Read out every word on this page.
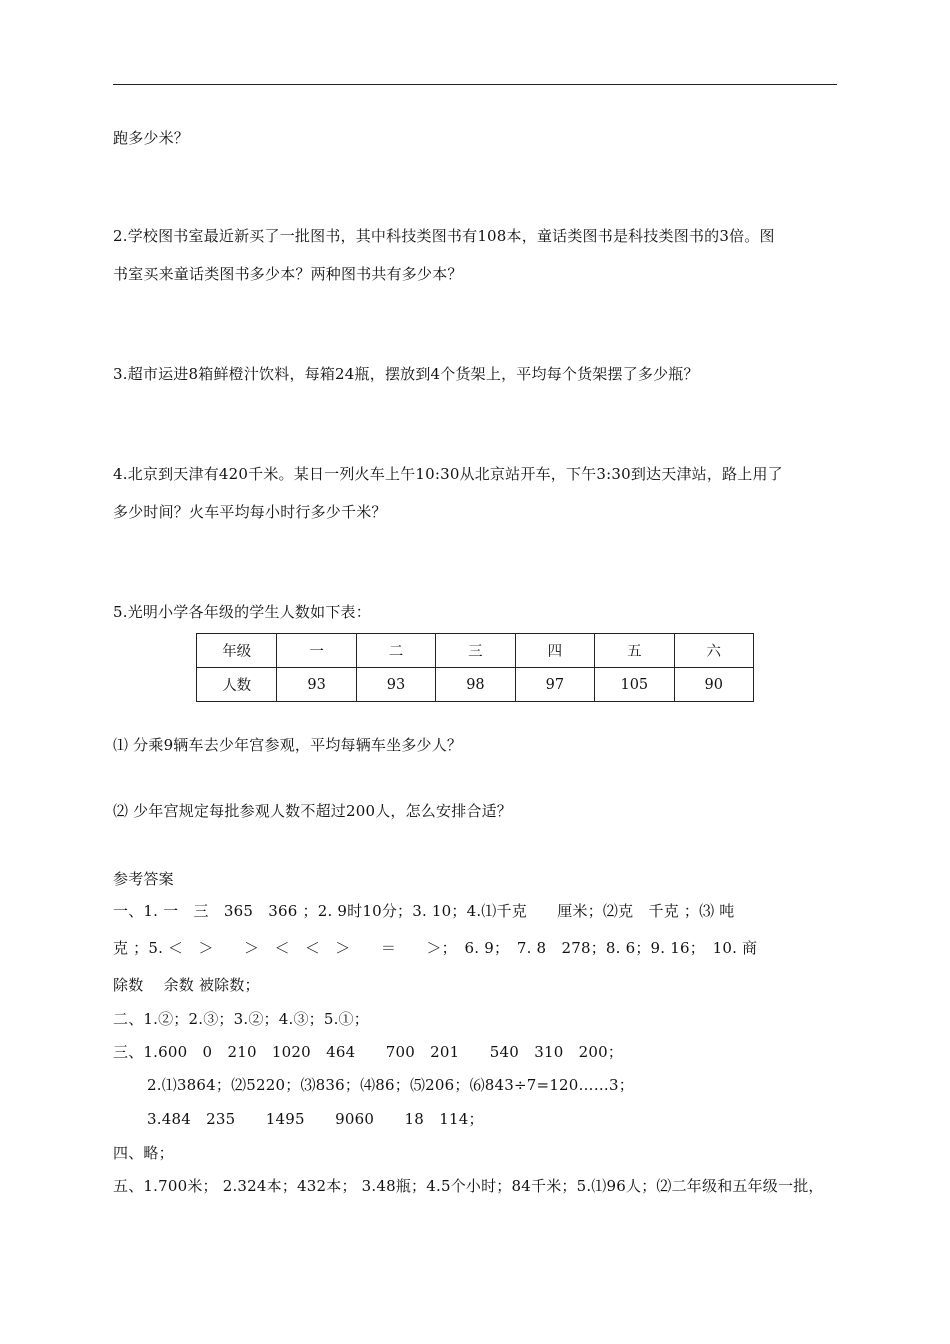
跑多少米？
2.学校图书室最近新买了一批图书，其中科技类图书有108本，童话类图书是科技类图书的3倍。图
书室买来童话类图书多少本？两种图书共有多少本？
3.超市运进8箱鲜橙汁饮料，每箱24瓶，摆放到4个货架上，平均每个货架摆了多少瓶？
4.北京到天津有420千米。某日一列火车上午10:30从北京站开车，下午3:30到达天津站，路上用了
多少时间？火车平均每小时行多少千米？
5.光明小学各年级的学生人数如下表：
年级	一	二	三	四	五	六
人数	93	93	98	97	105	90
⑴ 分乘9辆车去少年宫参观，平均每辆车坐多少人？
⑵ 少年宫规定每批参观人数不超过200人，怎么安排合适？
参考答案
一、1. 一　三　365　366 ；2. 9时10分；3. 10；4.⑴千克　　厘米；⑵克　千克 ；⑶ 吨
克 ；5. ＜　＞　　＞　＜　＜　＞　　＝　　＞；　6. 9；　7. 8　278；8. 6；9. 16；　10. 商
除数　 余数 被除数；
二、1.②；2.③；3.②；4.③；5.①；
三、1.600　0　210　1020　464　　700　201　　540　310　200；
2.⑴3864；⑵5220；⑶836；⑷86；⑸206；⑹843÷7=120……3；
3.484　235　　1495　　9060　　18　114；
四、略；
五、1.700米； 2.324本；432本； 3.48瓶；4.5个小时；84千米；5.⑴96人；⑵二年级和五年级一批，
